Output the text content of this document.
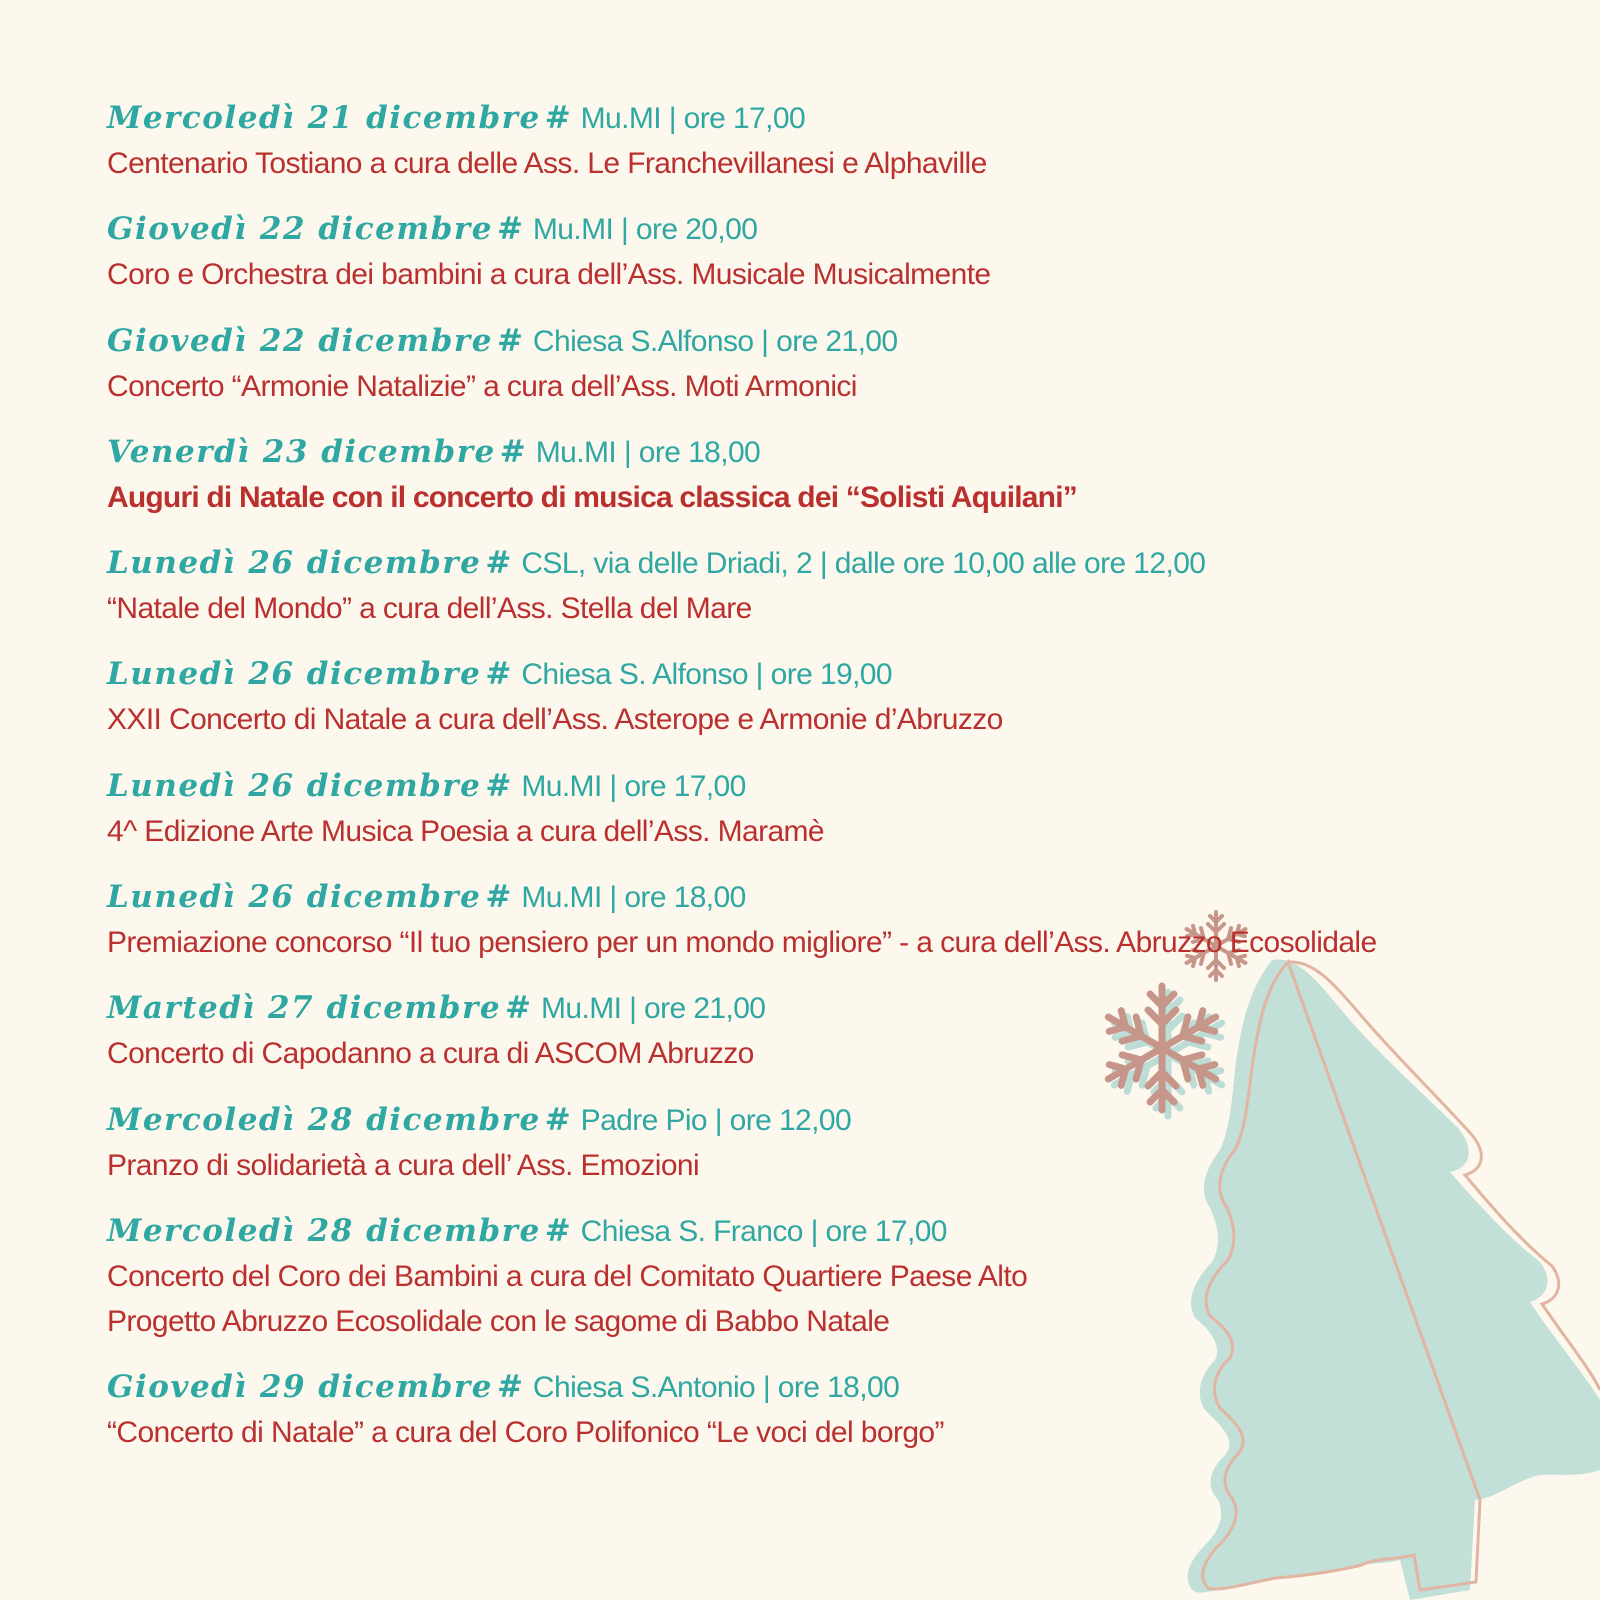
Mercoledì 21 dicembre # Mu.MI | ore 17,00
Centenario Tostiano a cura delle Ass. Le Franchevillanesi e Alphaville
Giovedì 22 dicembre # Mu.MI | ore 20,00
Coro e Orchestra dei bambini a cura dell’Ass. Musicale Musicalmente
Giovedì 22 dicembre # Chiesa S.Alfonso | ore 21,00
Concerto “Armonie Natalizie” a cura dell’Ass. Moti Armonici
Venerdì 23 dicembre # Mu.MI | ore 18,00
Auguri di Natale con il concerto di musica classica dei “Solisti Aquilani”
Lunedì 26 dicembre # CSL, via delle Driadi, 2 | dalle ore 10,00 alle ore 12,00
“Natale del Mondo” a cura dell’Ass. Stella del Mare
Lunedì 26 dicembre # Chiesa S. Alfonso | ore 19,00
XXII Concerto di Natale a cura dell’Ass. Asterope e Armonie d’Abruzzo
Lunedì 26 dicembre # Mu.MI | ore 17,00
4^ Edizione Arte Musica Poesia a cura dell’Ass. Maramè
Lunedì 26 dicembre # Mu.MI | ore 18,00
Premiazione concorso “Il tuo pensiero per un mondo migliore” - a cura dell’Ass. Abruzzo Ecosolidale
Martedì 27 dicembre # Mu.MI | ore 21,00
Concerto di Capodanno a cura di ASCOM Abruzzo
Mercoledì 28 dicembre # Padre Pio | ore 12,00
Pranzo di solidarietà a cura dell’ Ass. Emozioni
Mercoledì 28 dicembre # Chiesa S. Franco | ore 17,00
Concerto del Coro dei Bambini a cura del Comitato Quartiere Paese Alto
Progetto Abruzzo Ecosolidale con le sagome di Babbo Natale
Giovedì 29 dicembre # Chiesa S.Antonio | ore 18,00
“Concerto di Natale” a cura del Coro Polifonico “Le voci del borgo”
